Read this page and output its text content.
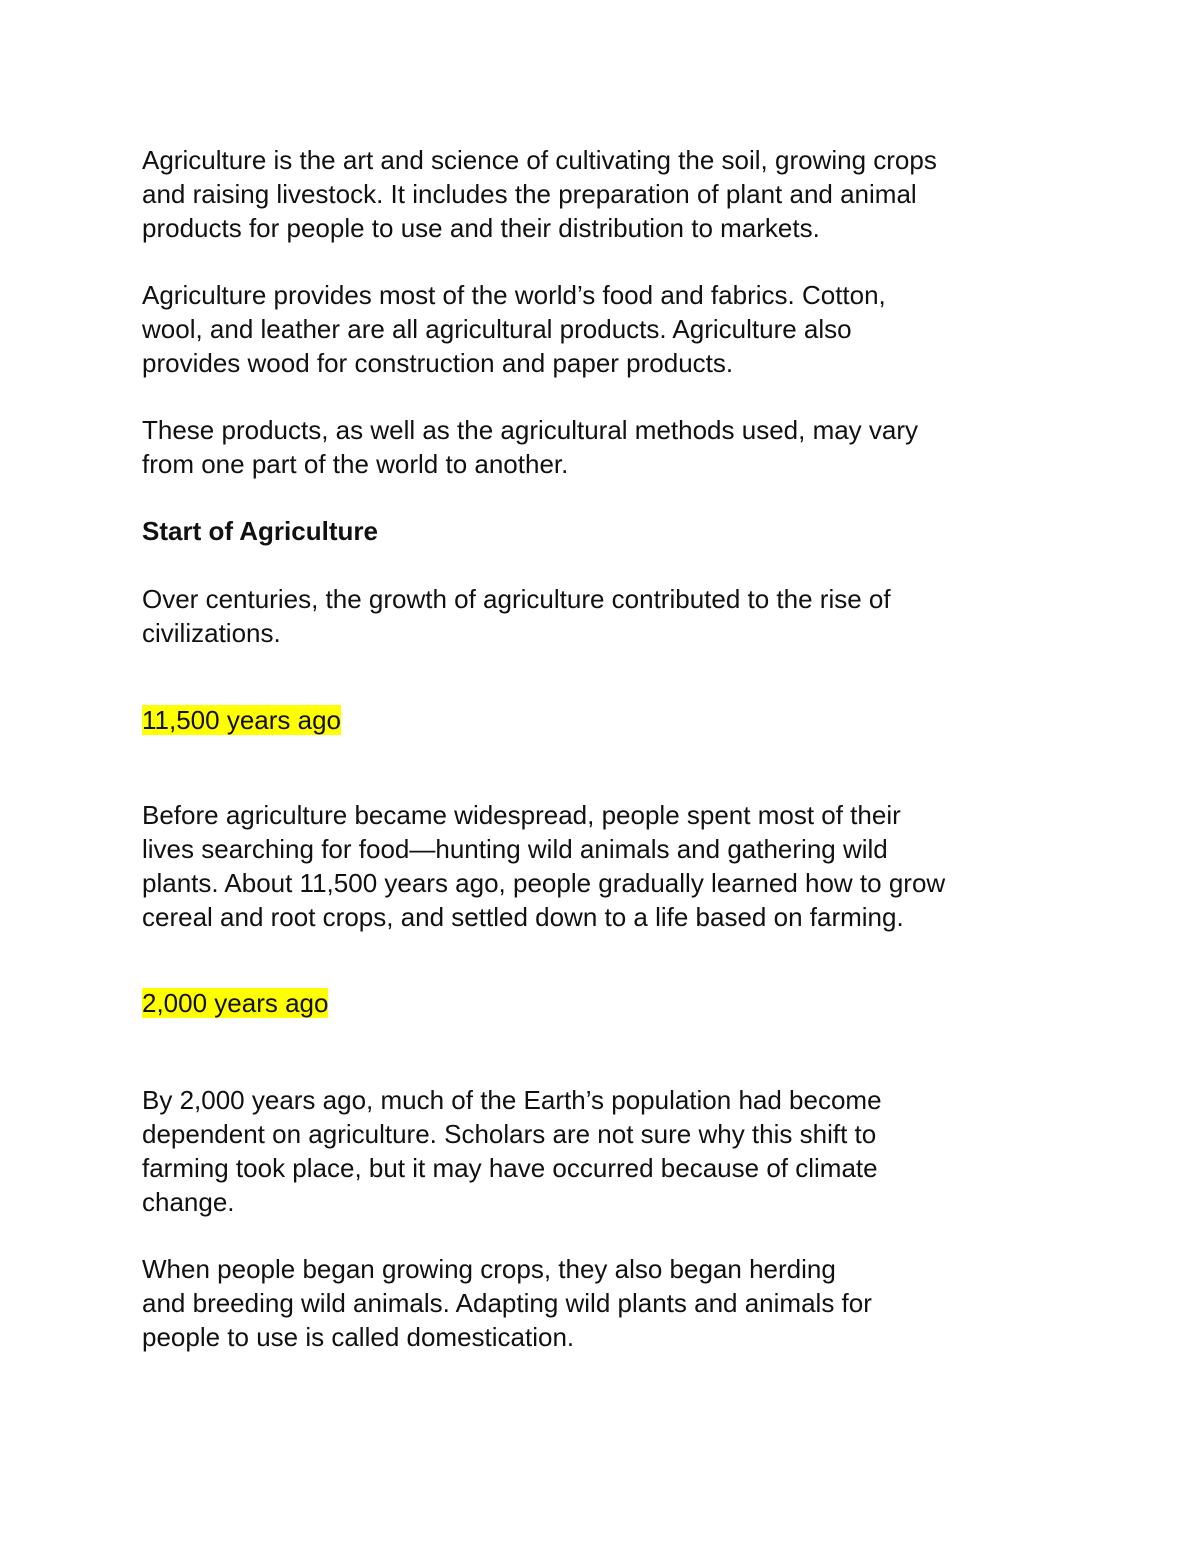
Agriculture is the art and science of cultivating the soil, growing crops
and raising livestock. It includes the preparation of plant and animal
products for people to use and their distribution to markets.

Agriculture provides most of the world’s food and fabrics. Cotton,
wool, and leather are all agricultural products. Agriculture also
provides wood for construction and paper products.

These products, as well as the agricultural methods used, may vary
from one part of the world to another.

Start of Agriculture

Over centuries, the growth of agriculture contributed to the rise of
civilizations.

11,500 years ago

Before agriculture became widespread, people spent most of their
lives searching for food—hunting wild animals and gathering wild
plants. About 11,500 years ago, people gradually learned how to grow
cereal and root crops, and settled down to a life based on farming.

2,000 years ago

By 2,000 years ago, much of the Earth’s population had become
dependent on agriculture. Scholars are not sure why this shift to
farming took place, but it may have occurred because of climate
change.

When people began growing crops, they also began herding
and breeding wild animals. Adapting wild plants and animals for
people to use is called domestication.
